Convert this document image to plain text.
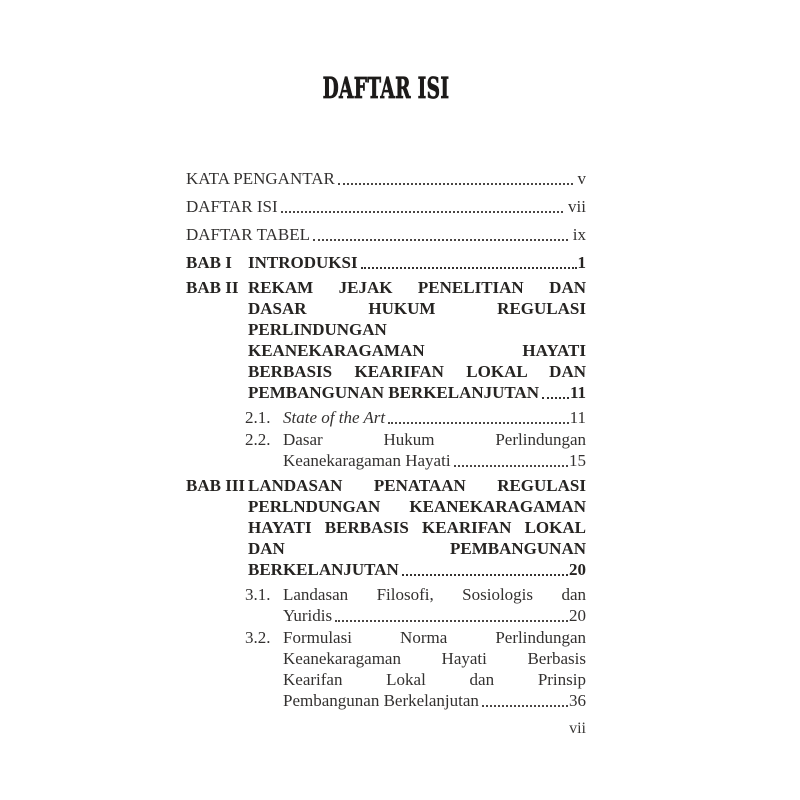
DAFTAR ISI
KATA PENGANTAR	v
DAFTAR ISI	vii
DAFTAR TABEL	ix
BAB I INTRODUKSI	1
BAB II REKAM JEJAK PENELITIAN DAN
DASAR HUKUM REGULASI
PERLINDUNGAN
KEANEKARAGAMAN HAYATI
BERBASIS KEARIFAN LOKAL DAN
PEMBANGUNAN BERKELANJUTAN 11
2.1. State of the Art	11
2.2. Dasar Hukum Perlindungan
Keanekaragaman Hayati	15
BAB III LANDASAN PENATAAN REGULASI
PERLNDUNGAN KEANEKARAGAMAN
HAYATI BERBASIS KEARIFAN LOKAL
DAN PEMBANGUNAN
BERKELANJUTAN	20
3.1. Landasan Filosofi, Sosiologis dan
Yuridis	20
3.2. Formulasi Norma Perlindungan
Keanekaragaman Hayati Berbasis
Kearifan Lokal dan Prinsip
Pembangunan Berkelanjutan	36
vii
